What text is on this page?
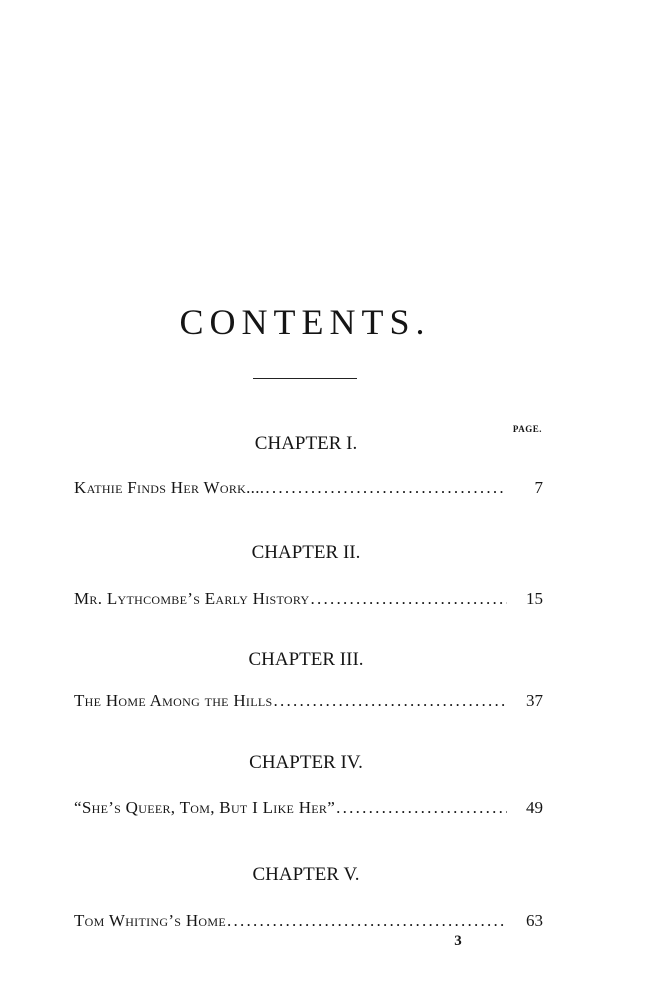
CONTENTS.
PAGE.
CHAPTER I.
Kathie Finds Her Work.... . . .	7
CHAPTER II.
Mr. Lythcombe’s Early History . . .	15
CHAPTER III.
The Home Among the Hills . . .	37
CHAPTER IV.
“She’s Queer, Tom, But I Like Her” . . .	49
CHAPTER V.
Tom Whiting’s Home . . .	63
3
